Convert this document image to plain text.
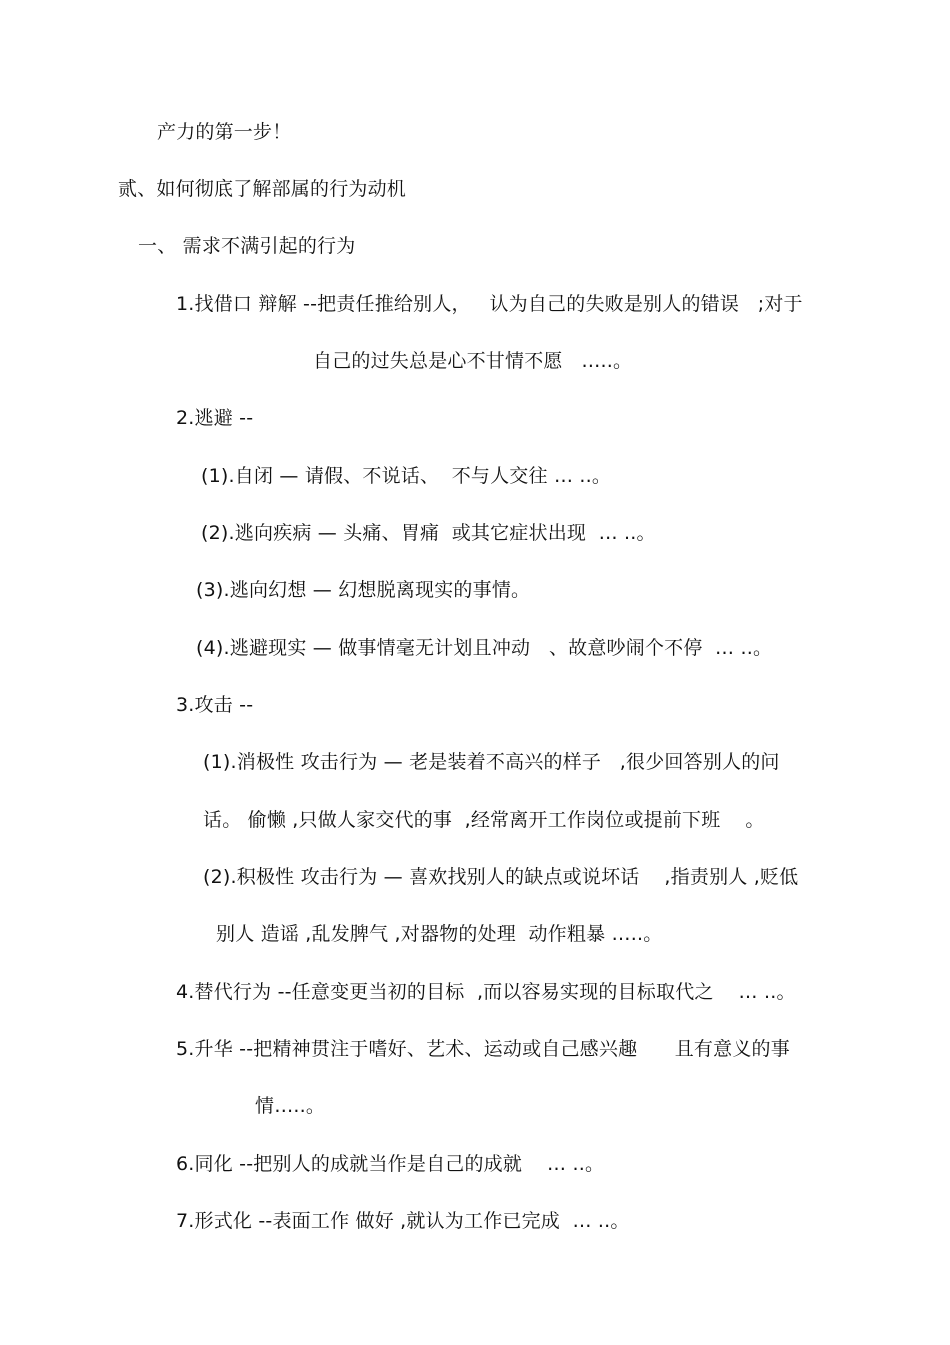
产力的第一步！
贰、如何彻底了解部属的行为动机
一、 需求不满引起的行为
1.找借口 辩解 --把责任推给别人，   认为自己的失败是别人的错误   ;对于
自己的过失总是心不甘情不愿   …..。
2.逃避 --
(1).自闭 — 请假、不说话、  不与人交往 … ..。
(2).逃向疾病 — 头痛、胃痛  或其它症状出现  … ..。
(3).逃向幻想 — 幻想脱离现实的事情。
(4).逃避现实 — 做事情毫无计划且冲动   、故意吵闹个不停  … ..。
3.攻击 --
(1).消极性 攻击行为 — 老是装着不高兴的样子   ,很少回答别人的问
话。 偷懒 ,只做人家交代的事  ,经常离开工作岗位或提前下班    。
(2).积极性 攻击行为 — 喜欢找别人的缺点或说坏话    ,指责别人 ,贬低
别人 造谣 ,乱发脾气 ,对器物的处理  动作粗暴 …..。
4.替代行为 --任意变更当初的目标  ,而以容易实现的目标取代之    … ..。
5.升华 --把精神贯注于嗜好、艺术、运动或自己感兴趣      且有意义的事
情…..。
6.同化 --把别人的成就当作是自己的成就    … ..。
7.形式化 --表面工作 做好 ,就认为工作已完成  … ..。
